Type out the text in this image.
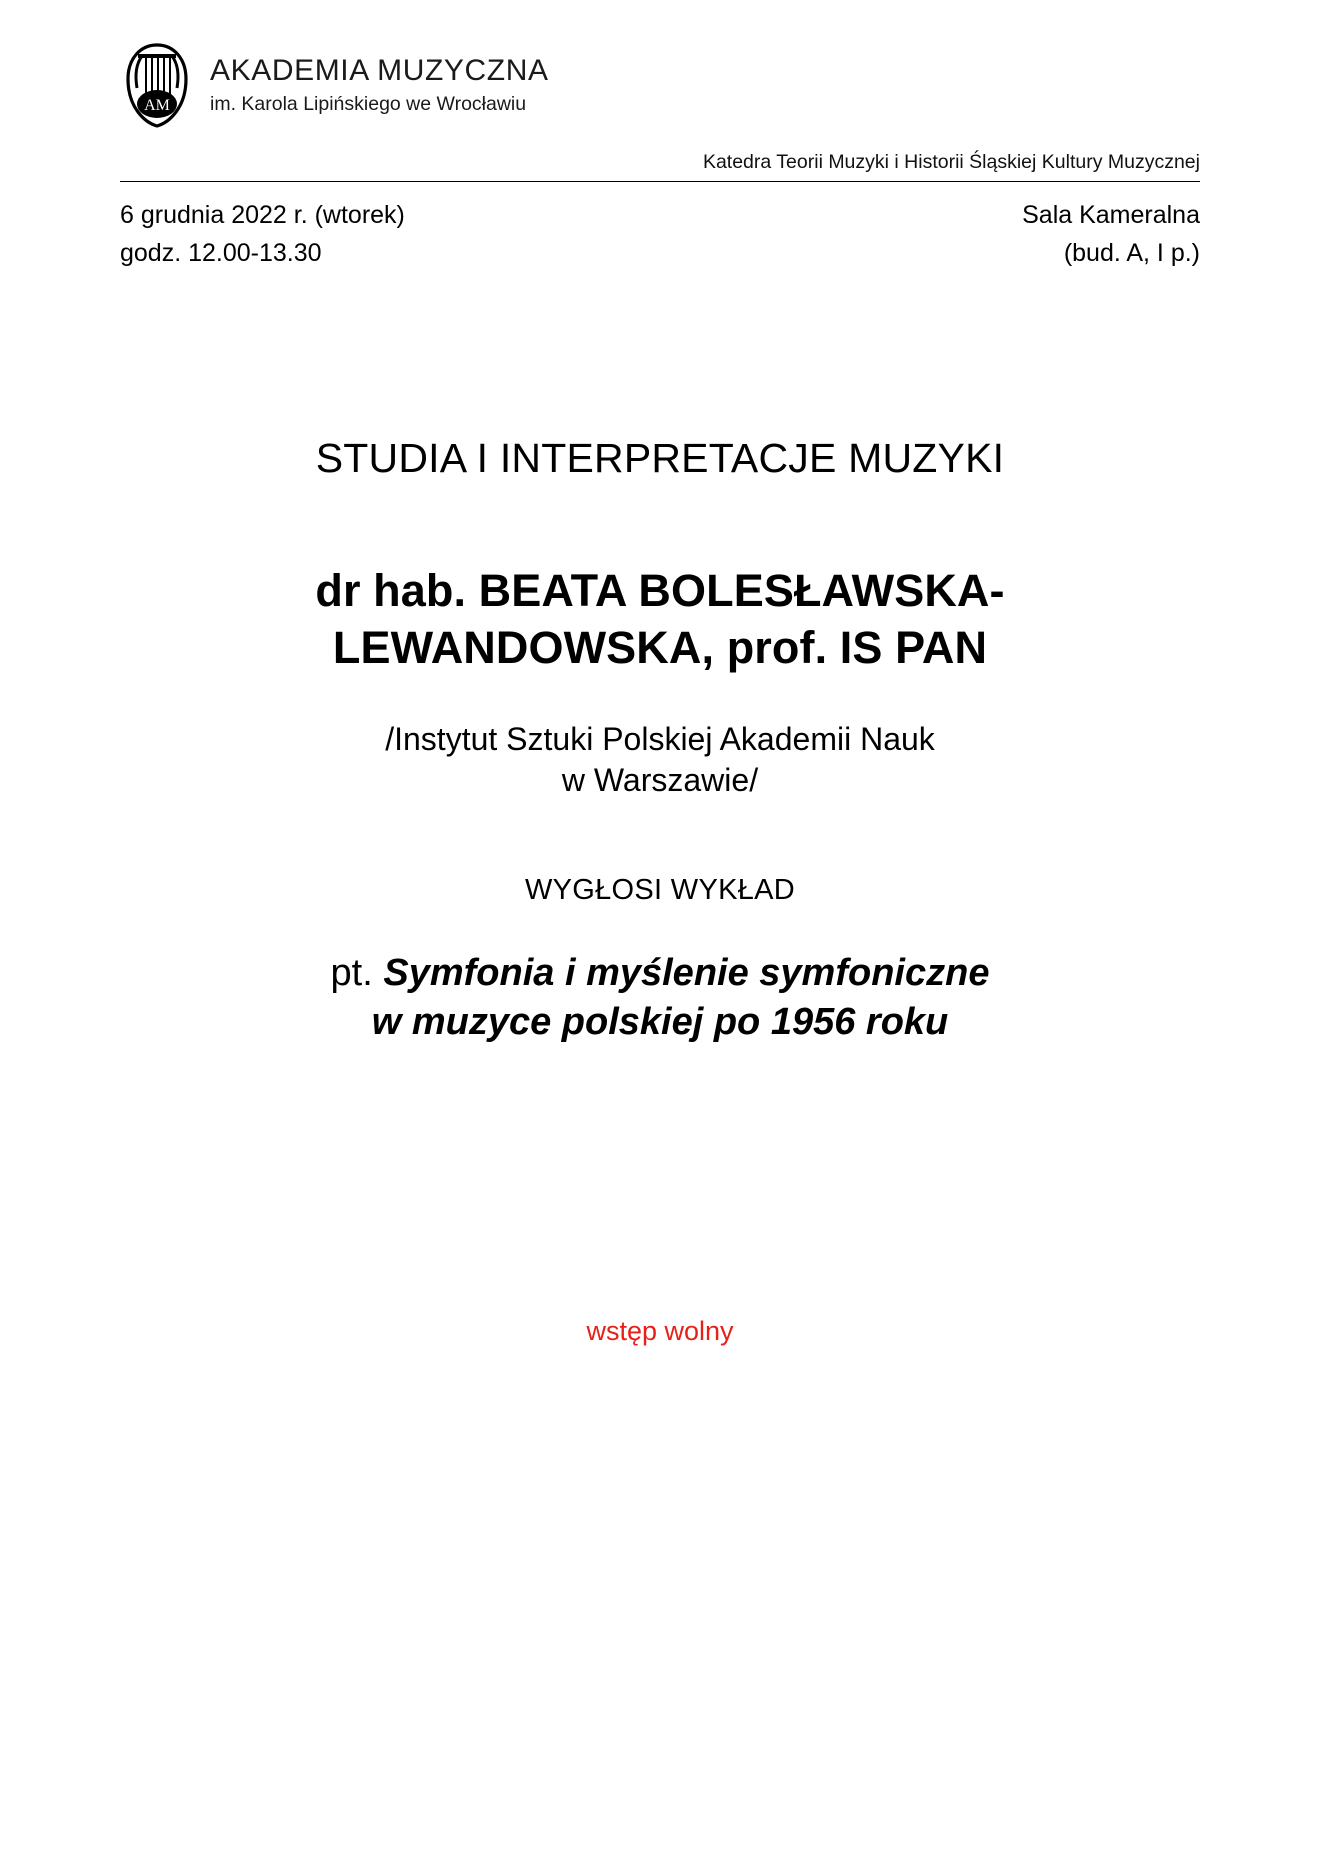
AM
AKADEMIA MUZYCZNA
im. Karola Lipińskiego we Wrocławiu
Katedra Teorii Muzyki i Historii Śląskiej Kultury Muzycznej
6 grudnia 2022 r. (wtorek)
godz. 12.00-13.30
Sala Kameralna
(bud. A, I p.)
STUDIA I INTERPRETACJE MUZYKI
dr hab. BEATA BOLESŁAWSKA-
LEWANDOWSKA, prof. IS PAN
/Instytut Sztuki Polskiej Akademii Nauk
w Warszawie/
WYGŁOSI WYKŁAD
pt. Symfonia i myślenie symfoniczne
w muzyce polskiej po 1956 roku
wstęp wolny
